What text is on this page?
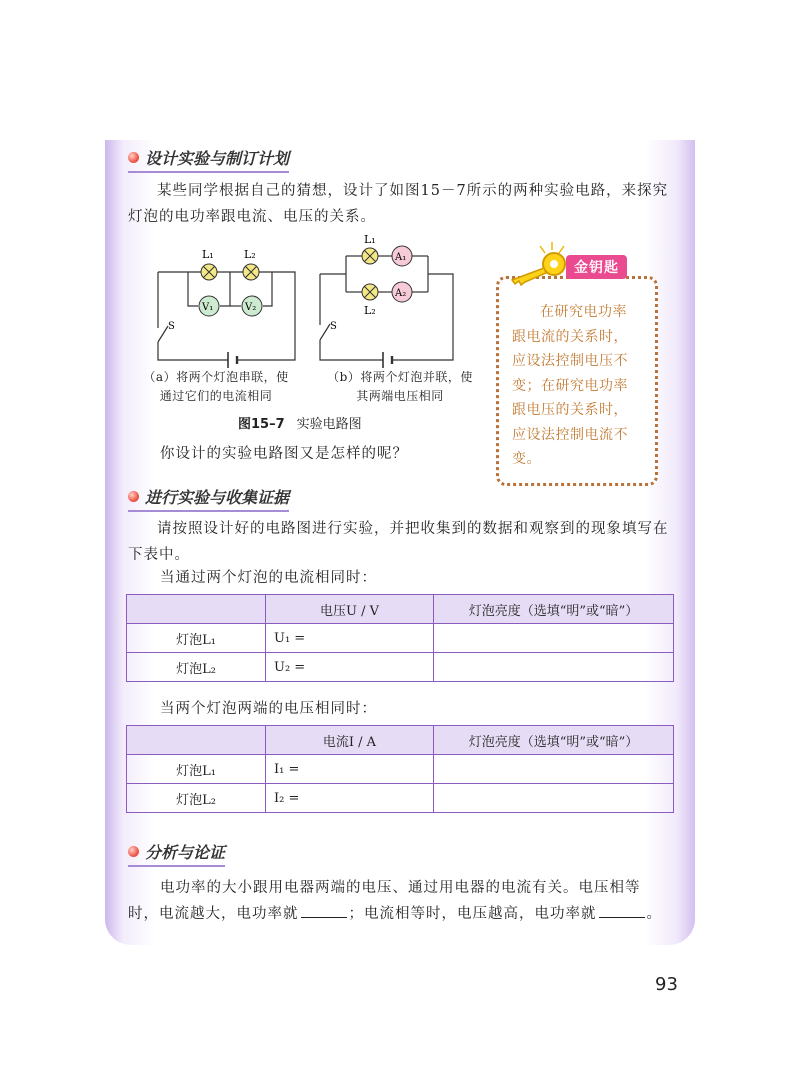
设计实验与制订计划

某些同学根据自己的猜想，设计了如图15－7所示的两种实验电路，来探究灯泡的电功率跟电流、电压的关系。

L₁	L₂
V₁	V₂
S
L₁
L₂
A₁
A₂
S
（a）将两个灯泡串联，使
通过它们的电流相同
（b）将两个灯泡并联，使
其两端电压相同
图15–7 实验电路图

你设计的实验电路图又是怎样的呢？

金钥匙

在研究电功率跟电流的关系时，应设法控制电压不变；在研究电功率跟电压的关系时，应设法控制电流不变。

进行实验与收集证据

请按照设计好的电路图进行实验，并把收集到的数据和观察到的现象填写在下表中。

当通过两个灯泡的电流相同时：

	电压U / V	灯泡亮度（选填“明”或“暗”）
灯泡L₁	U₁ =	
灯泡L₂	U₂ =	

当两个灯泡两端的电压相同时：

	电流I / A	灯泡亮度（选填“明”或“暗”）
灯泡L₁	I₁ =	
灯泡L₂	I₂ =	
分析与论证

电功率的大小跟用电器两端的电压、通过用电器的电流有关。电压相等

时，电流越大，电功率就	；电流相等时，电压越高，电功率就	。

93
